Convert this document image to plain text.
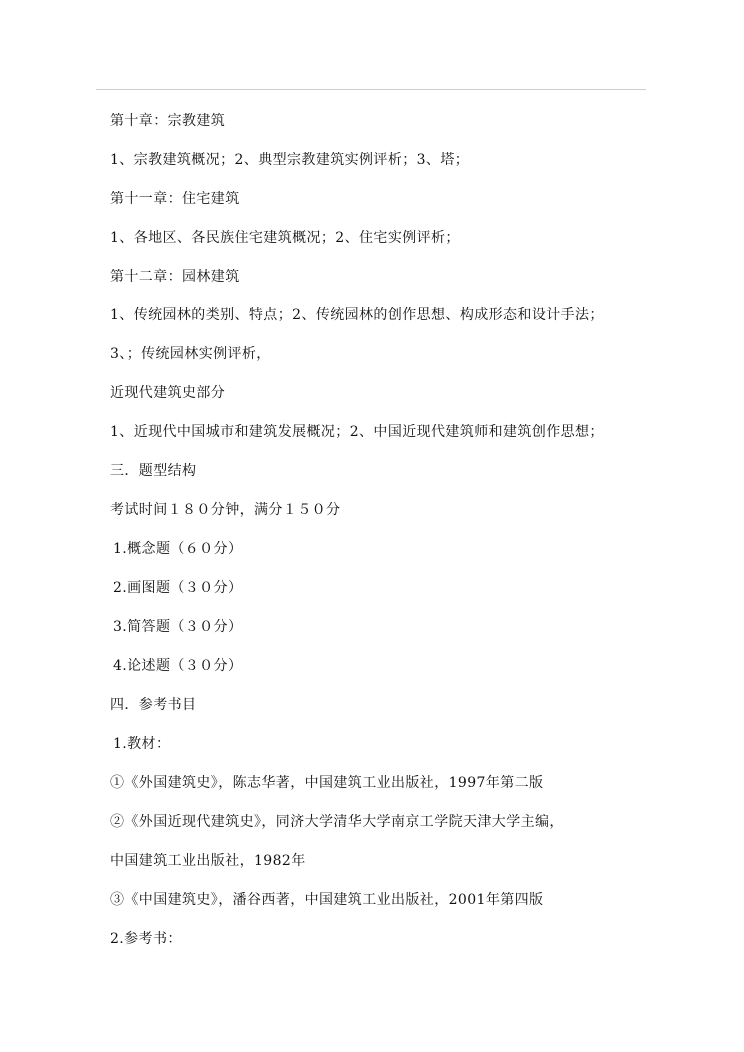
第十章：宗教建筑
1、宗教建筑概况；2、典型宗教建筑实例评析；3、塔；
第十一章：住宅建筑
1、各地区、各民族住宅建筑概况；2、住宅实例评析；
第十二章：园林建筑
1、传统园林的类别、特点；2、传统园林的创作思想、构成形态和设计手法；
3、；传统园林实例评析，
近现代建筑史部分
1、近现代中国城市和建筑发展概况；2、中国近现代建筑师和建筑创作思想；
三．题型结构
考试时间１８０分钟，满分１５０分
1.概念题（６０分）
2.画图题（３０分）
3.简答题（３０分）
4.论述题（３０分）
四．参考书目
1.教材：
①《外国建筑史》，陈志华著，中国建筑工业出版社，1997年第二版
②《外国近现代建筑史》，同济大学清华大学南京工学院天津大学主编，
中国建筑工业出版社，1982年
③《中国建筑史》，潘谷西著，中国建筑工业出版社，2001年第四版
2.参考书：
